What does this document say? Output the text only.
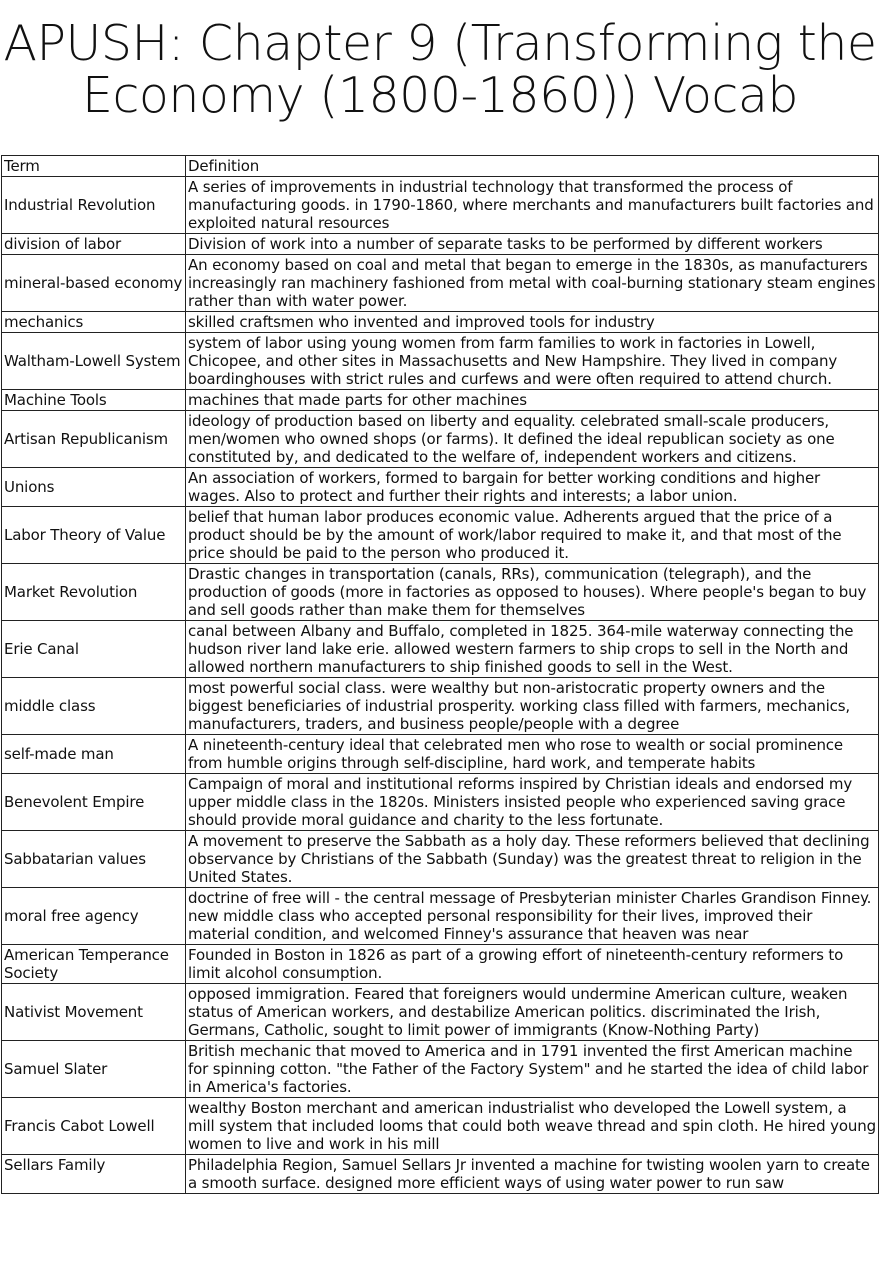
APUSH: Chapter 9 (Transforming the Economy (1800-1860)) Vocab
Term	Definition
Industrial Revolution	A series of improvements in industrial technology that transformed the process of manufacturing goods. in 1790-1860, where merchants and manufacturers built factories and exploited natural resources
division of labor	Division of work into a number of separate tasks to be performed by different workers
mineral-based economy	An economy based on coal and metal that began to emerge in the 1830s, as manufacturers increasingly ran machinery fashioned from metal with coal-burning stationary steam engines rather than with water power.
mechanics	skilled craftsmen who invented and improved tools for industry
Waltham-Lowell System	system of labor using young women from farm families to work in factories in Lowell, Chicopee, and other sites in Massachusetts and New Hampshire. They lived in company boardinghouses with strict rules and curfews and were often required to attend church.
Machine Tools	machines that made parts for other machines
Artisan Republicanism	ideology of production based on liberty and equality. celebrated small-scale producers, men/women who owned shops (or farms). It defined the ideal republican society as one constituted by, and dedicated to the welfare of, independent workers and citizens.
Unions	An association of workers, formed to bargain for better working conditions and higher wages. Also to protect and further their rights and interests; a labor union.
Labor Theory of Value	belief that human labor produces economic value. Adherents argued that the price of a product should be by the amount of work/labor required to make it, and that most of the price should be paid to the person who produced it.
Market Revolution	Drastic changes in transportation (canals, RRs), communication (telegraph), and the production of goods (more in factories as opposed to houses). Where people's began to buy and sell goods rather than make them for themselves
Erie Canal	canal between Albany and Buffalo, completed in 1825. 364-mile waterway connecting the hudson river land lake erie. allowed western farmers to ship crops to sell in the North and allowed northern manufacturers to ship finished goods to sell in the West.
middle class	most powerful social class. were wealthy but non-aristocratic property owners and the biggest beneficiaries of industrial prosperity. working class filled with farmers, mechanics, manufacturers, traders, and business people/people with a degree
self-made man	A nineteenth-century ideal that celebrated men who rose to wealth or social prominence from humble origins through self-discipline, hard work, and temperate habits
Benevolent Empire	Campaign of moral and institutional reforms inspired by Christian ideals and endorsed my upper middle class in the 1820s. Ministers insisted people who experienced saving grace should provide moral guidance and charity to the less fortunate.
Sabbatarian values	A movement to preserve the Sabbath as a holy day. These reformers believed that declining observance by Christians of the Sabbath (Sunday) was the greatest threat to religion in the United States.
moral free agency	doctrine of free will - the central message of Presbyterian minister Charles Grandison Finney. new middle class who accepted personal responsibility for their lives, improved their material condition, and welcomed Finney's assurance that heaven was near
American Temperance Society	Founded in Boston in 1826 as part of a growing effort of nineteenth-century reformers to limit alcohol consumption.
Nativist Movement	opposed immigration. Feared that foreigners would undermine American culture, weaken status of American workers, and destabilize American politics. discriminated the Irish, Germans, Catholic, sought to limit power of immigrants (Know-Nothing Party)
Samuel Slater	British mechanic that moved to America and in 1791 invented the first American machine for spinning cotton. "the Father of the Factory System" and he started the idea of child labor in America's factories.
Francis Cabot Lowell	wealthy Boston merchant and american industrialist who developed the Lowell system, a mill system that included looms that could both weave thread and spin cloth. He hired young women to live and work in his mill
Sellars Family	Philadelphia Region, Samuel Sellars Jr invented a machine for twisting woolen yarn to create a smooth surface. designed more efficient ways of using water power to run saw
